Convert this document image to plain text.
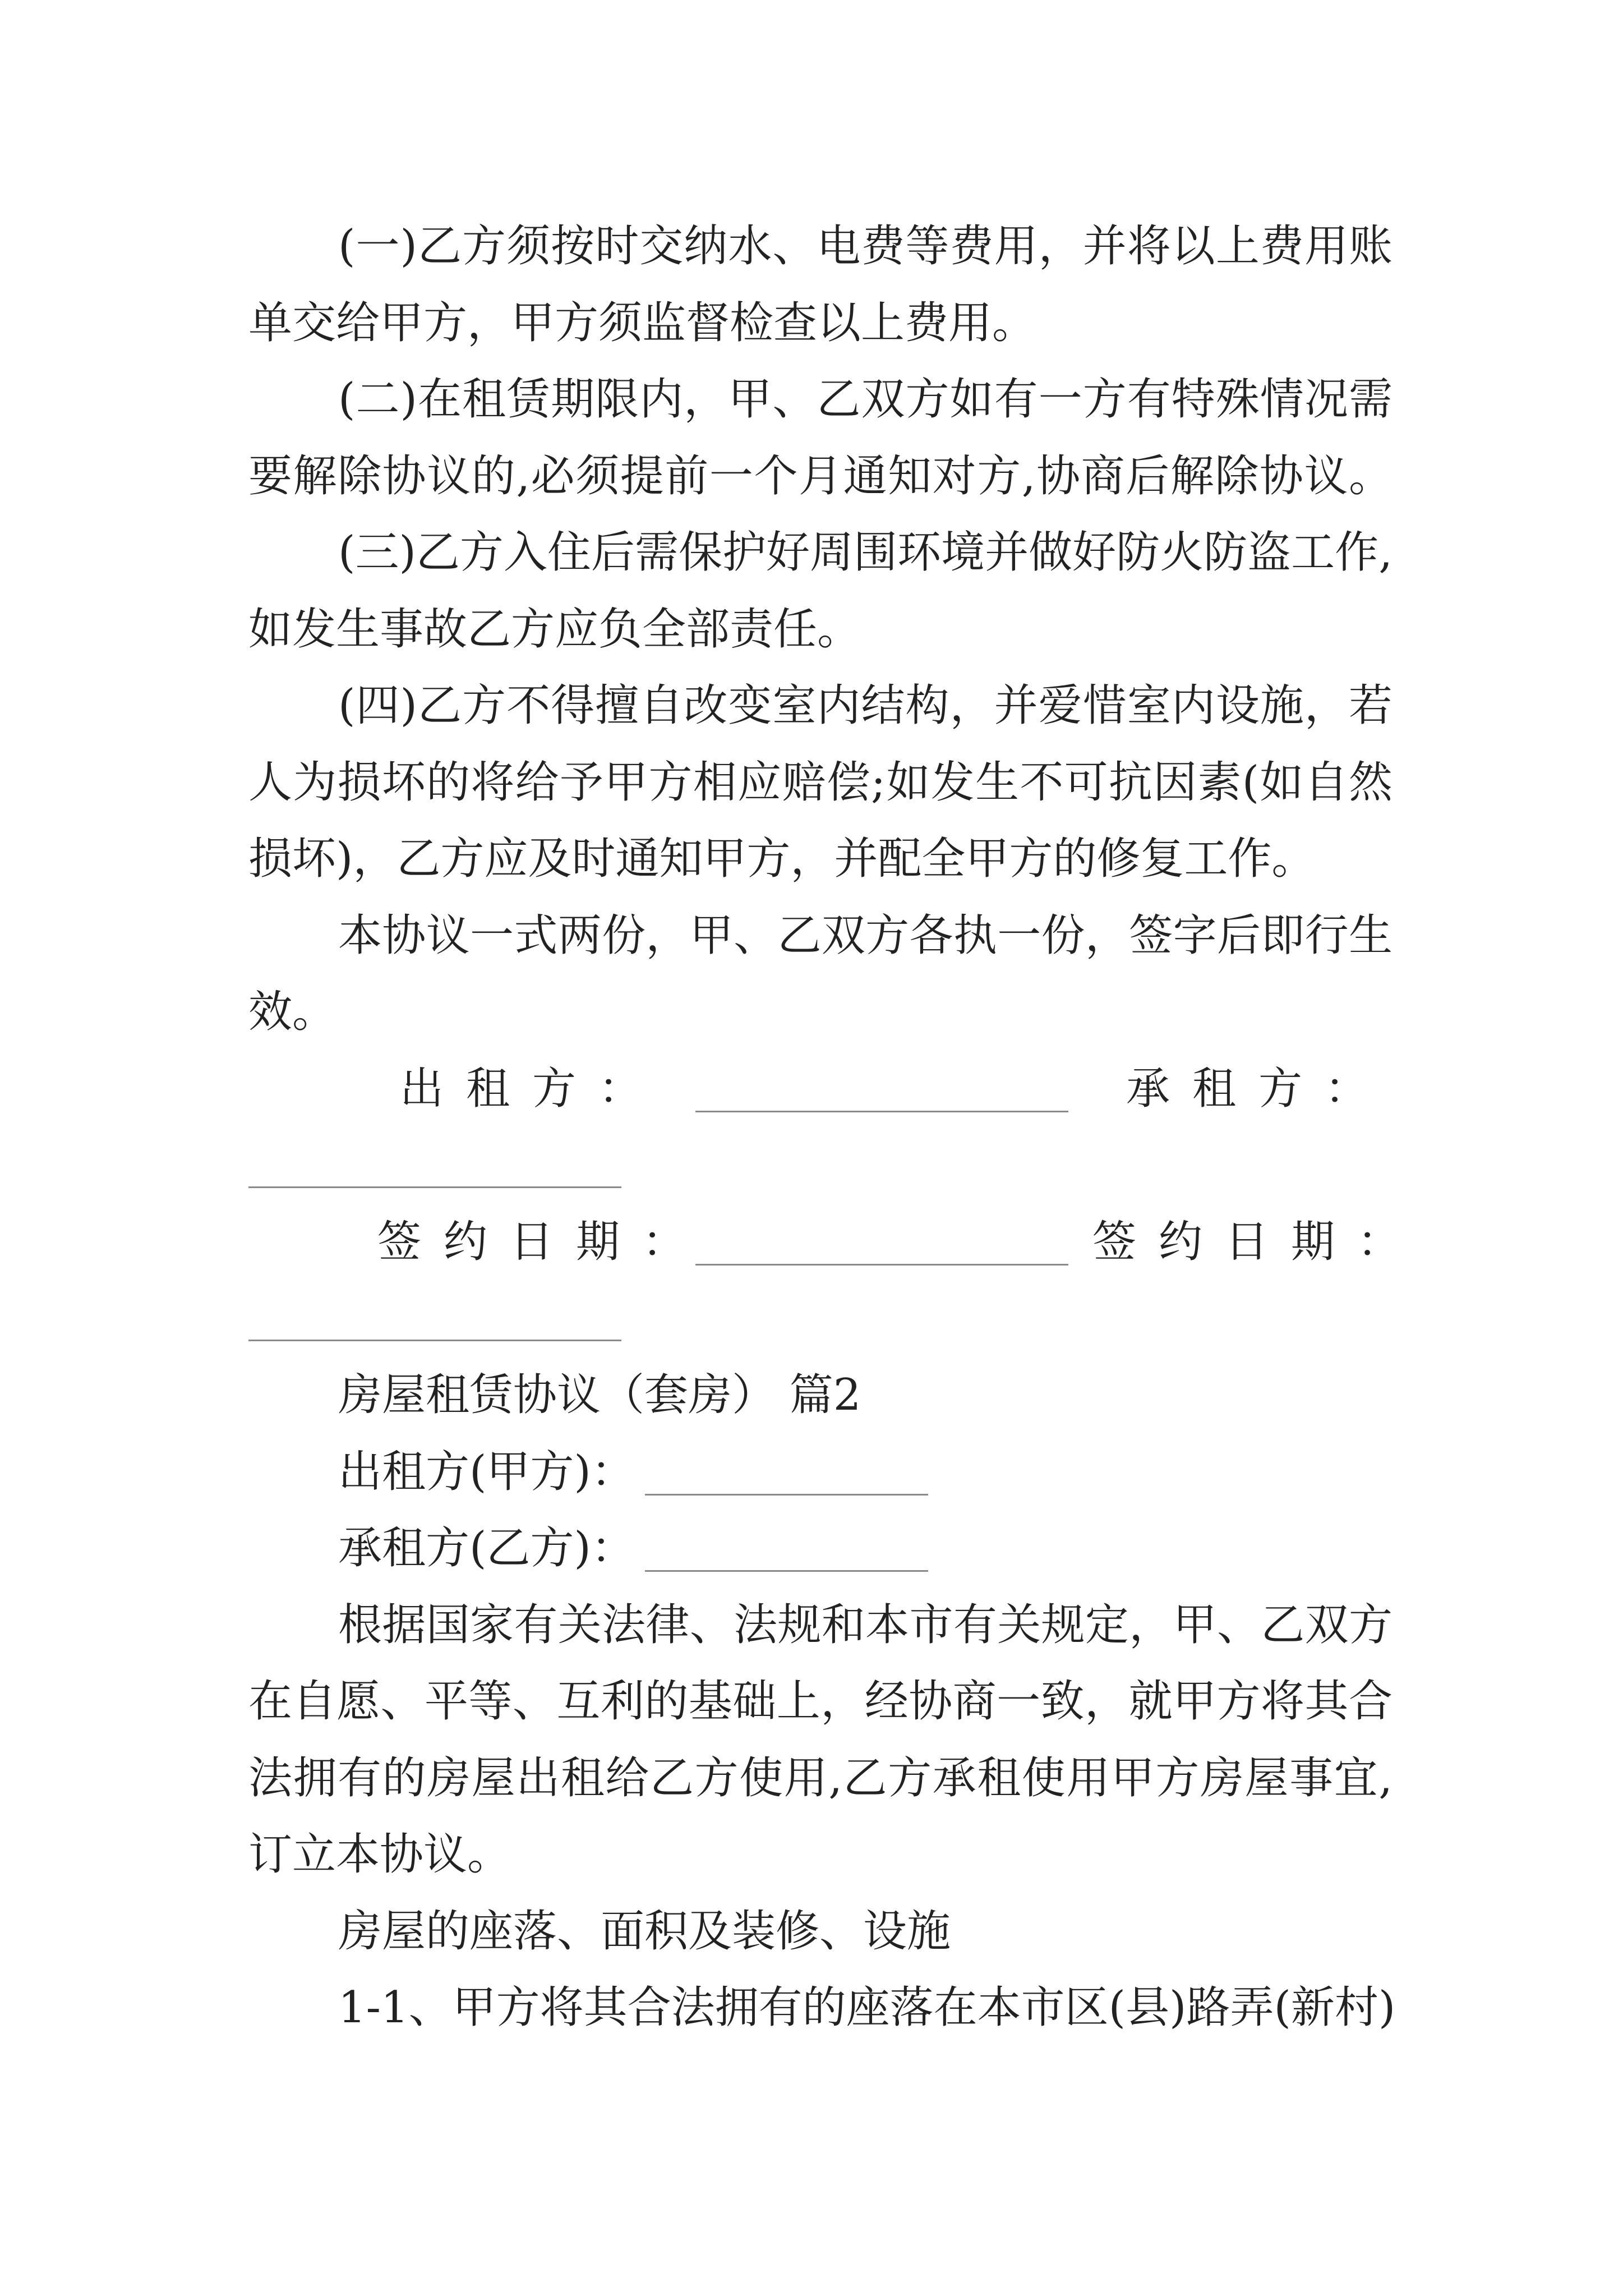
(一)乙方须按时交纳水、电费等费用，并将以上费用账
单交给甲方，甲方须监督检查以上费用。
(二)在租赁期限内，甲、乙双方如有一方有特殊情况需
要解除协议的,必须提前一个月通知对方,协商后解除协议。
(三)乙方入住后需保护好周围环境并做好防火防盗工作,
如发生事故乙方应负全部责任。
(四)乙方不得擅自改变室内结构，并爱惜室内设施，若
人为损坏的将给予甲方相应赔偿;如发生不可抗因素(如自然
损坏)，乙方应及时通知甲方，并配全甲方的修复工作。
本协议一式两份，甲、乙双方各执一份，签字后即行生
效。
出租方：	承租方：
签约日期：	签约日期：
房屋租赁协议（套房） 篇2
出租方(甲方)：
承租方(乙方)：
根据国家有关法律、法规和本市有关规定，甲、乙双方
在自愿、平等、互利的基础上，经协商一致，就甲方将其合
法拥有的房屋出租给乙方使用,乙方承租使用甲方房屋事宜,
订立本协议。
房屋的座落、面积及装修、设施
1-1、甲方将其合法拥有的座落在本市区(县)路弄(新村)
